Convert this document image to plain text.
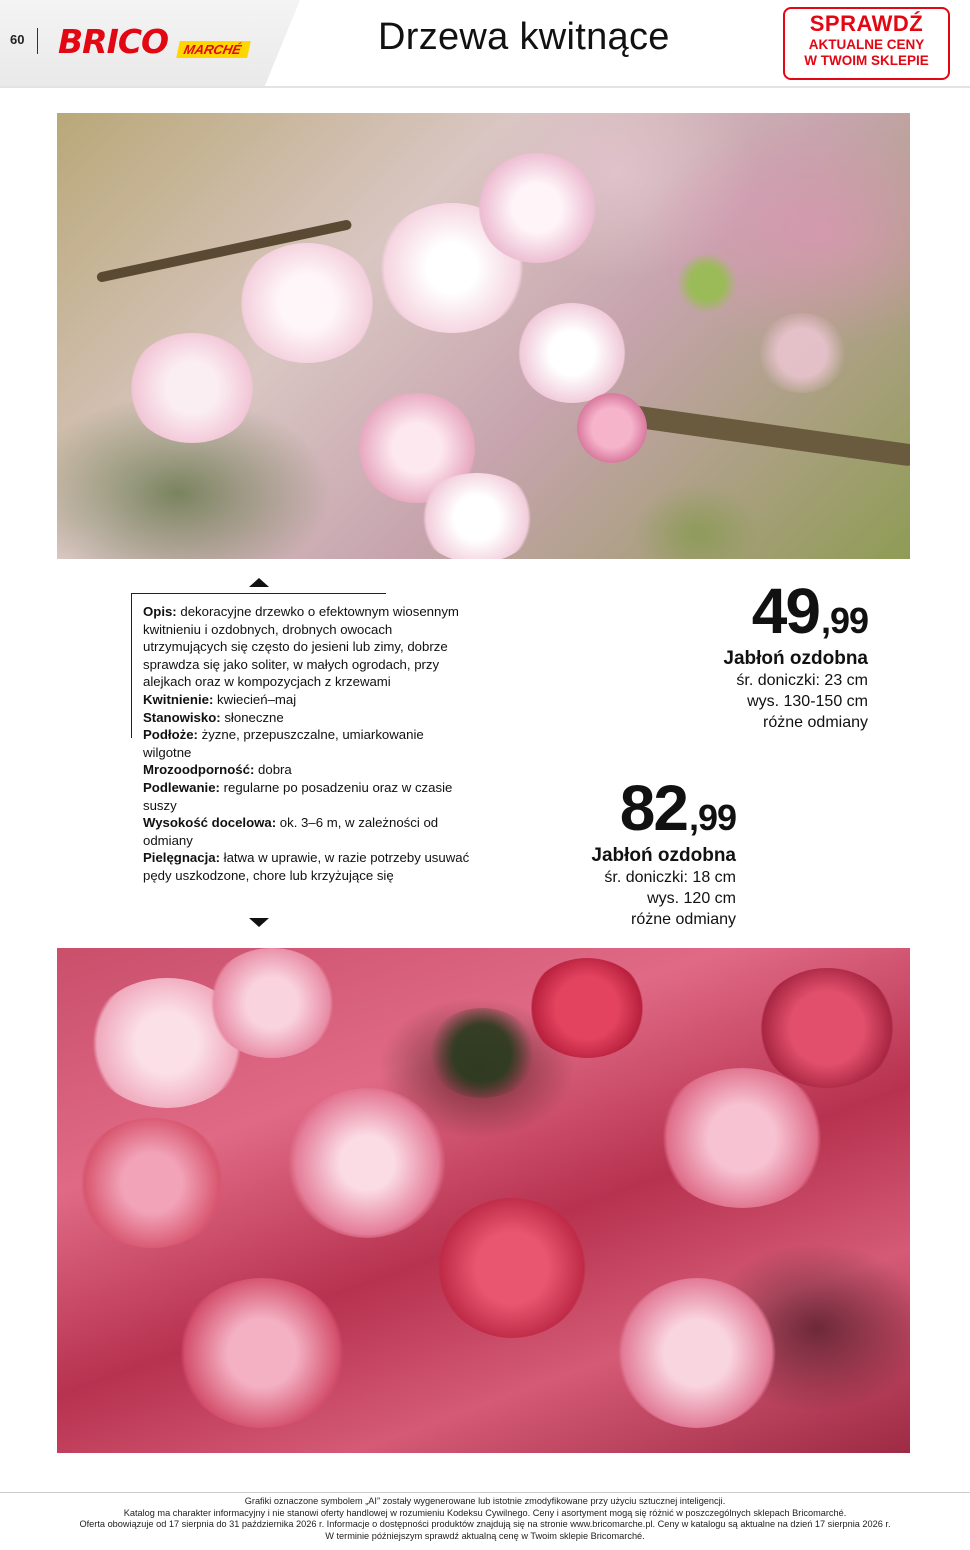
60 BRICO	MARCHÉ	Drzewa kwitnące	SPRAWDŹ
AKTUALNE CENY
W TWOIM SKLEPIE

Opis: dekoracyjne drzewko o efektownym wiosennym kwitnieniu i ozdobnych, drobnych owocach utrzymujących się często do jesieni lub zimy, dobrze sprawdza się jako soliter, w małych ogrodach, przy alejkach oraz w kompozycjach z krzewami

Kwitnienie: kwiecień–maj

Stanowisko: słoneczne

Podłoże: żyzne, przepuszczalne, umiarkowanie wilgotne

Mrozoodporność: dobra

Podlewanie: regularne po posadzeniu oraz w czasie suszy

Wysokość docelowa: ok. 3–6 m, w zależności od odmiany

Pielęgnacja: łatwa w uprawie, w razie potrzeby usuwać pędy uszkodzone, chore lub krzyżujące się

49,99
Jabłoń ozdobna
śr. doniczki: 23 cm
wys. 130-150 cm
różne odmiany
82,99
Jabłoń ozdobna
śr. doniczki: 18 cm
wys. 120 cm
różne odmiany
Grafiki oznaczone symbolem „AI” zostały wygenerowane lub istotnie zmodyfikowane przy użyciu sztucznej inteligencji.
Katalog ma charakter informacyjny i nie stanowi oferty handlowej w rozumieniu Kodeksu Cywilnego. Ceny i asortyment mogą się różnić w poszczególnych sklepach Bricomarché.
Oferta obowiązuje od 17 sierpnia do 31 października 2026 r. Informacje o dostępności produktów znajdują się na stronie www.bricomarche.pl. Ceny w katalogu są aktualne na dzień 17 sierpnia 2026 r.
W terminie późniejszym sprawdź aktualną cenę w Twoim sklepie Bricomarché.
